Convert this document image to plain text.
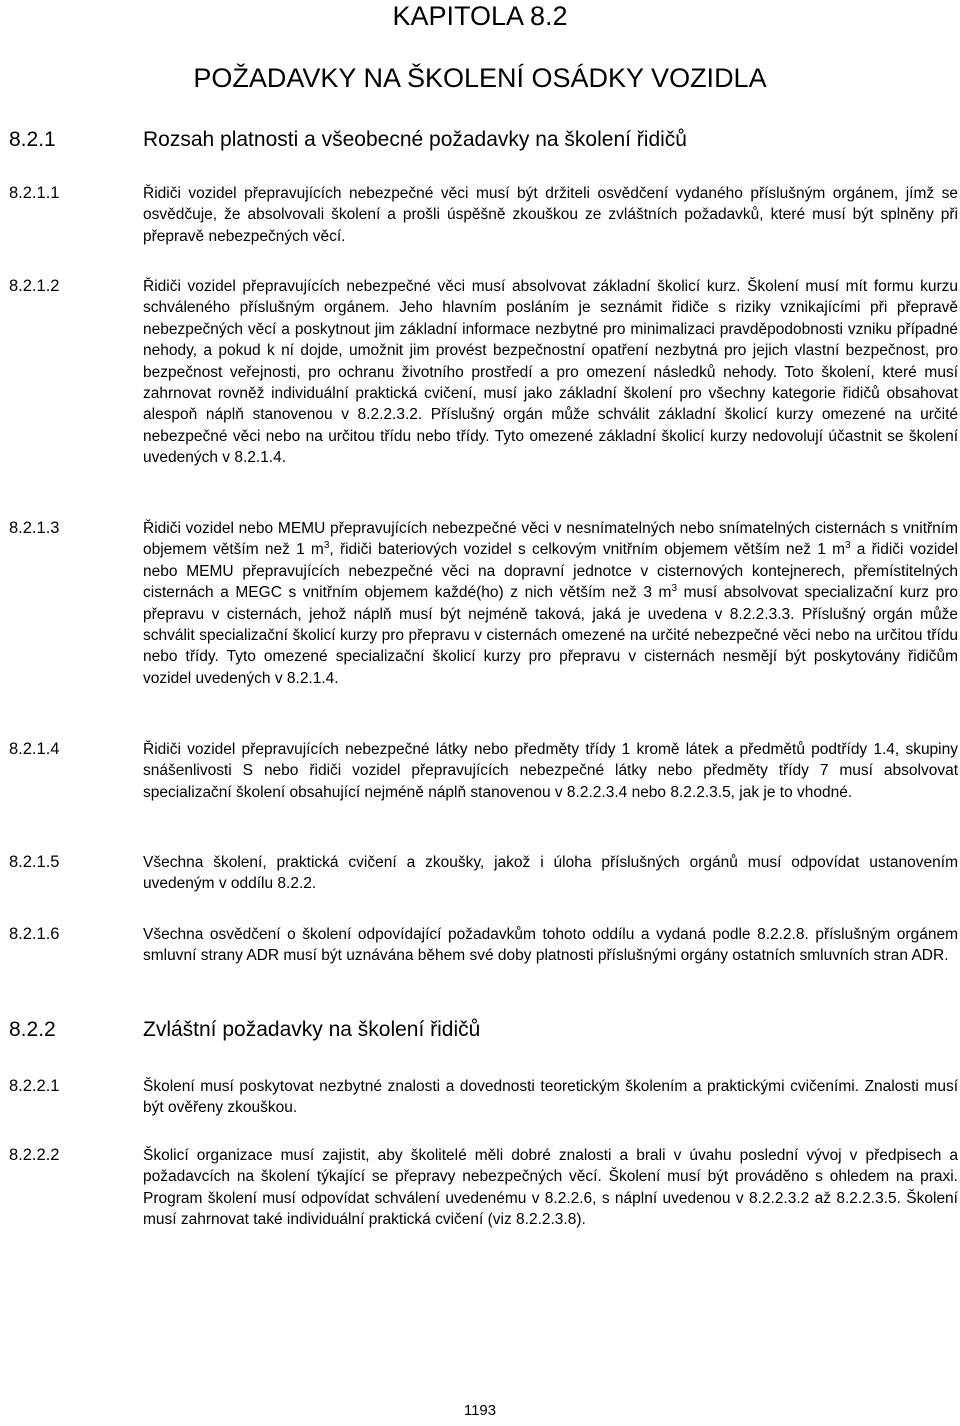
KAPITOLA 8.2
POŽADAVKY NA ŠKOLENÍ OSÁDKY VOZIDLA
8.2.1	Rozsah platnosti a všeobecné požadavky na školení řidičů
8.2.1.1	Řidiči vozidel přepravujících nebezpečné věci musí být držiteli osvědčení vydaného příslušným orgánem, jímž se osvědčuje, že absolvovali školení a prošli úspěšně zkouškou ze zvláštních požadavků, které musí být splněny při přepravě nebezpečných věcí.
8.2.1.2	Řidiči vozidel přepravujících nebezpečné věci musí absolvovat základní školicí kurz. Školení musí mít formu kurzu schváleného příslušným orgánem. Jeho hlavním posláním je seznámit řidiče s riziky vznikajícími při přepravě nebezpečných věcí a poskytnout jim základní informace nezbytné pro minimalizaci pravděpodobnosti vzniku případné nehody, a pokud k ní dojde, umožnit jim provést bezpečnostní opatření nezbytná pro jejich vlastní bezpečnost, pro bezpečnost veřejnosti, pro ochranu životního prostředí a pro omezení následků nehody. Toto školení, které musí zahrnovat rovněž individuální praktická cvičení, musí jako základní školení pro všechny kategorie řidičů obsahovat alespoň náplň stanovenou v 8.2.2.3.2. Příslušný orgán může schválit základní školicí kurzy omezené na určité nebezpečné věci nebo na určitou třídu nebo třídy. Tyto omezené základní školicí kurzy nedovolují účastnit se školení uvedených v 8.2.1.4.
8.2.1.3	Řidiči vozidel nebo MEMU přepravujících nebezpečné věci v nesnímatelných nebo snímatelných cisternách s vnitřním objemem větším než 1 $m^3$, řidiči bateriových vozidel s celkovým vnitřním objemem větším než 1 $m^3$ a řidiči vozidel nebo MEMU přepravujících nebezpečné věci na dopravní jednotce v cisternových kontejnerech, přemístitelných cisternách a MEGC s vnitřním objemem každé(ho) z nich větším než 3 $m^3$ musí absolvovat specializační kurz pro přepravu v cisternách, jehož náplň musí být nejméně taková, jaká je uvedena v 8.2.2.3.3. Příslušný orgán může schválit specializační školicí kurzy pro přepravu v cisternách omezené na určité nebezpečné věci nebo na určitou třídu nebo třídy. Tyto omezené specializační školicí kurzy pro přepravu v cisternách nesmějí být poskytovány řidičům vozidel uvedených v 8.2.1.4.
8.2.1.4	Řidiči vozidel přepravujících nebezpečné látky nebo předměty třídy 1 kromě látek a předmětů podtřídy 1.4, skupiny snášenlivosti S nebo řidiči vozidel přepravujících nebezpečné látky nebo předměty třídy 7 musí absolvovat specializační školení obsahující nejméně náplň stanovenou v 8.2.2.3.4 nebo 8.2.2.3.5, jak je to vhodné.
8.2.1.5	Všechna školení, praktická cvičení a zkoušky, jakož i úloha příslušných orgánů musí odpovídat ustanovením uvedeným v oddílu 8.2.2.
8.2.1.6	Všechna osvědčení o školení odpovídající požadavkům tohoto oddílu a vydaná podle 8.2.2.8. příslušným orgánem smluvní strany ADR musí být uznávána během své doby platnosti příslušnými orgány ostatních smluvních stran ADR.
8.2.2	Zvláštní požadavky na školení řidičů
8.2.2.1	Školení musí poskytovat nezbytné znalosti a dovednosti teoretickým školením a praktickými cvičeními. Znalosti musí být ověřeny zkouškou.
8.2.2.2	Školicí organizace musí zajistit, aby školitelé měli dobré znalosti a brali v úvahu poslední vývoj v předpisech a požadavcích na školení týkající se přepravy nebezpečných věcí. Školení musí být prováděno s ohledem na praxi. Program školení musí odpovídat schválení uvedenému v 8.2.2.6, s náplní uvedenou v 8.2.2.3.2 až 8.2.2.3.5. Školení musí zahrnovat také individuální praktická cvičení (viz 8.2.2.3.8).
1193
